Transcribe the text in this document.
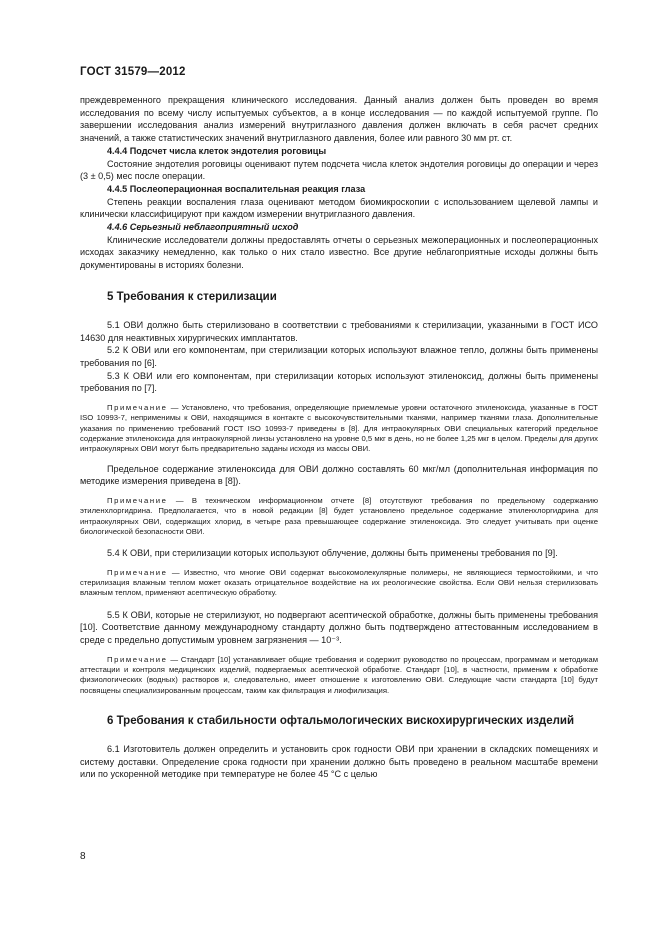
ГОСТ 31579—2012

преждевременного прекращения клинического исследования. Данный анализ должен быть проведен во время исследования по всему числу испытуемых субъектов, а в конце исследования — по каждой испытуемой группе. По завершении исследования анализ измерений внутриглазного давления должен включать в себя расчет средних значений, а также статистических значений внутриглазного давления, более или равного 30 мм рт. ст.

4.4.4 Подсчет числа клеток эндотелия роговицы

Состояние эндотелия роговицы оценивают путем подсчета числа клеток эндотелия роговицы до операции и через (3 ± 0,5) мес после операции.

4.4.5 Послеоперационная воспалительная реакция глаза

Степень реакции воспаления глаза оценивают методом биомикроскопии с использованием щелевой лампы и клинически классифицируют при каждом измерении внутриглазного давления.

4.4.6 Серьезный неблагоприятный исход

Клинические исследователи должны предоставлять отчеты о серьезных межоперационных и послеоперационных исходах заказчику немедленно, как только о них стало известно. Все другие неблагоприятные исходы должны быть документированы в историях болезни.

5 Требования к стерилизации

5.1 ОВИ должно быть стерилизовано в соответствии с требованиями к стерилизации, указанными в ГОСТ ИСО 14630 для неактивных хирургических имплантатов.

5.2 К ОВИ или его компонентам, при стерилизации которых используют влажное тепло, должны быть применены требования по [6].

5.3 К ОВИ или его компонентам, при стерилизации которых используют этиленоксид, должны быть применены требования по [7].

Примечание — Установлено, что требования, определяющие приемлемые уровни остаточного этиленоксида, указанные в ГОСТ ISO 10993-7, неприменимы к ОВИ, находящимся в контакте с высокочувствительными тканями, например тканями глаза. Дополнительные указания по применению требований ГОСТ ISO 10993-7 приведены в [8]. Для интраокулярных ОВИ специальных категорий предельное содержание этиленоксида для интраокулярной линзы установлено на уровне 0,5 мкг в день, но не более 1,25 мкг в целом. Пределы для других интраокулярных ОВИ могут быть предварительно заданы исходя из массы ОВИ.

Предельное содержание этиленоксида для ОВИ должно составлять 60 мкг/мл (дополнительная информация по методике измерения приведена в [8]).

Примечание — В техническом информационном отчете [8] отсутствуют требования по предельному содержанию этиленхлоргидрина. Предполагается, что в новой редакции [8] будет установлено предельное содержание этиленхлоргидрина для интраокулярных ОВИ, содержащих хлорид, в четыре раза превышающее содержание этиленоксида. Это следует учитывать при оценке биологической безопасности ОВИ.

5.4 К ОВИ, при стерилизации которых используют облучение, должны быть применены требования по [9].

Примечание — Известно, что многие ОВИ содержат высокомолекулярные полимеры, не являющиеся термостойкими, и что стерилизация влажным теплом может оказать отрицательное воздействие на их реологические свойства. Если ОВИ нельзя стерилизовать влажным теплом, применяют асептическую обработку.

5.5 К ОВИ, которые не стерилизуют, но подвергают асептической обработке, должны быть применены требования [10]. Соответствие данному международному стандарту должно быть подтверждено аттестованным исследованием в среде с предельно допустимым уровнем загрязнения — 10⁻³.

Примечание — Стандарт [10] устанавливает общие требования и содержит руководство по процессам, программам и методикам аттестации и контроля медицинских изделий, подвергаемых асептической обработке. Стандарт [10], в частности, применим к обработке физиологических (водных) растворов и, следовательно, имеет отношение к изготовлению ОВИ. Следующие части стандарта [10] будут посвящены специализированным процессам, таким как фильтрация и лиофилизация.

6 Требования к стабильности офтальмологических вискохирургических изделий

6.1 Изготовитель должен определить и установить срок годности ОВИ при хранении в складских помещениях и систему доставки. Определение срока годности при хранении должно быть проведено в реальном масштабе времени или по ускоренной методике при температуре не более 45 °С с целью

8
